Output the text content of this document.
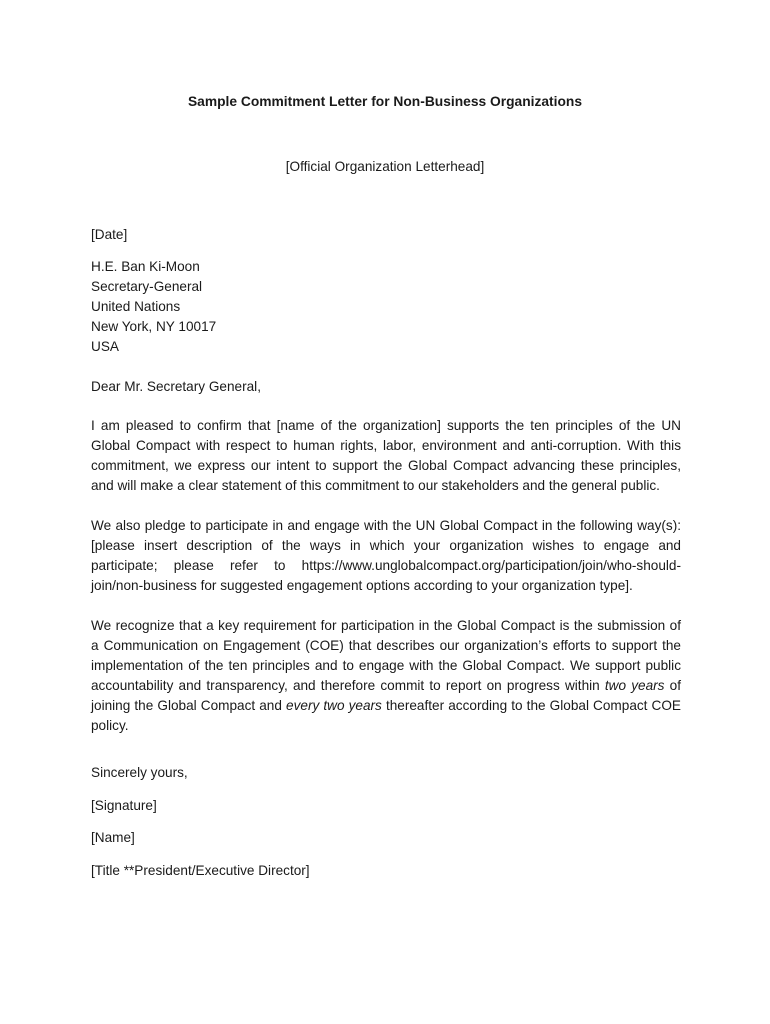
Sample Commitment Letter for Non-Business Organizations
[Official Organization Letterhead]
[Date]
H.E. Ban Ki-Moon
Secretary-General
United Nations
New York, NY 10017
USA
Dear Mr. Secretary General,
I am pleased to confirm that [name of the organization] supports the ten principles of the UN Global Compact with respect to human rights, labor, environment and anti-corruption. With this commitment, we express our intent to support the Global Compact advancing these principles, and will make a clear statement of this commitment to our stakeholders and the general public.
We also pledge to participate in and engage with the UN Global Compact in the following way(s): [please insert description of the ways in which your organization wishes to engage and participate; please refer to https://www.unglobalcompact.org/participation/join/who-should-join/non-business for suggested engagement options according to your organization type].
We recognize that a key requirement for participation in the Global Compact is the submission of a Communication on Engagement (COE) that describes our organization’s efforts to support the implementation of the ten principles and to engage with the Global Compact. We support public accountability and transparency, and therefore commit to report on progress within two years of joining the Global Compact and every two years thereafter according to the Global Compact COE policy.
Sincerely yours,
[Signature]
[Name]
[Title **President/Executive Director]
